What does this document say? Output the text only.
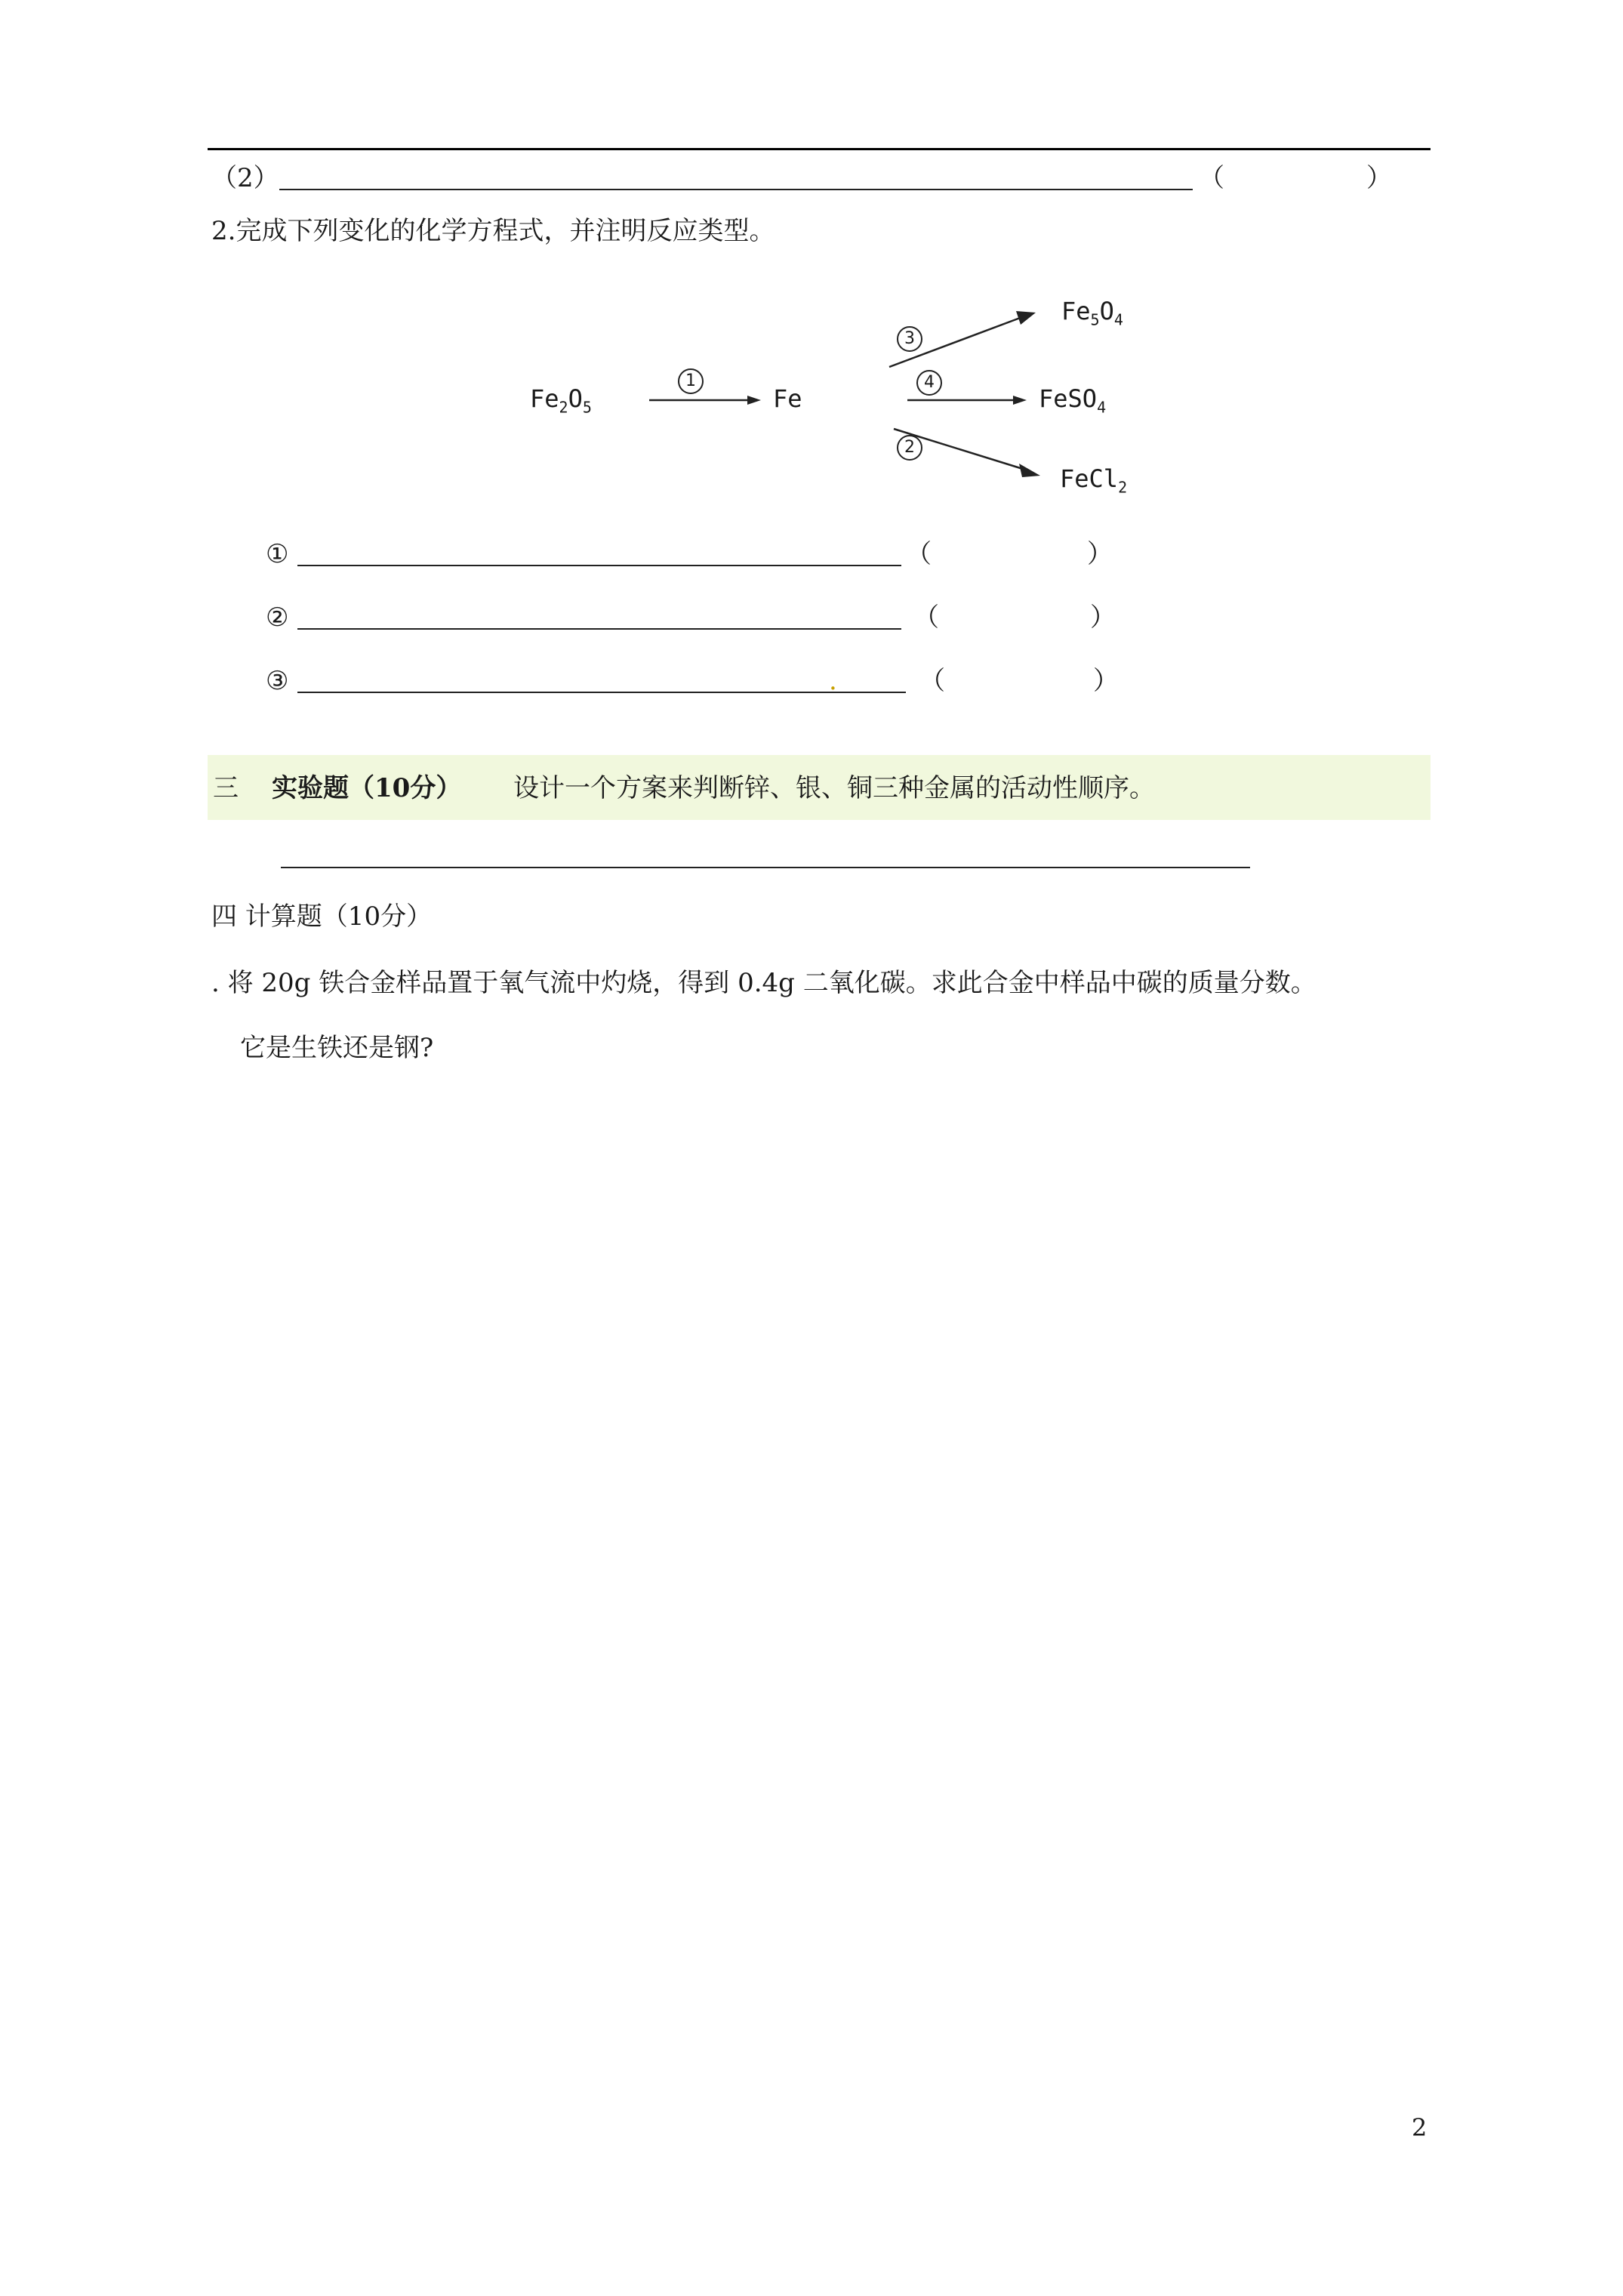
（2）	（	）
2.完成下列变化的化学方程式，并注明反应类型。
$Fe_2O_5$
1
Fe
3
$Fe_5O_4$
4
FeSO$_4$
2
FeCl$_2$
①	（	）
②	（	）
③	.	（	）
三 实验题（10分） 设计一个方案来判断锌、银、铜三种金属的活动性顺序。
四 计算题（10分）
. 将 20g 铁合金样品置于氧气流中灼烧，得到 0.4g 二氧化碳。求此合金中样品中碳的质量分数。
它是生铁还是钢?
2
